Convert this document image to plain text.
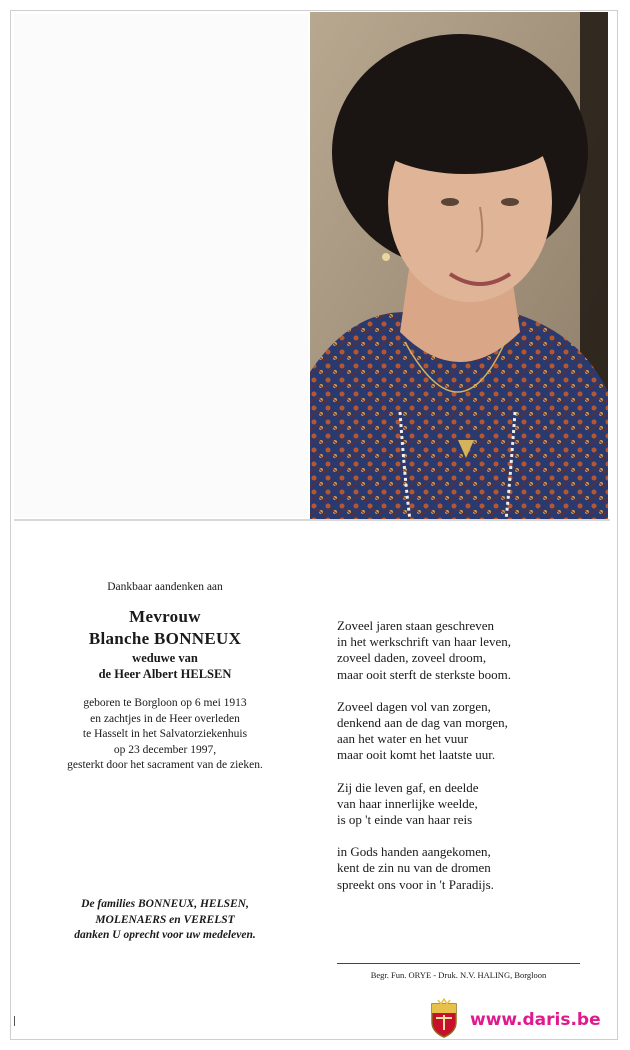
Dankbaar aandenken aan
Mevrouw
Blanche BONNEUX
weduwe van
de Heer Albert HELSEN
geboren te Borgloon op 6 mei 1913
en zachtjes in de Heer overleden
te Hasselt in het Salvatorziekenhuis
op 23 december 1997,
gesterkt door het sacrament van de zieken.
De families BONNEUX, HELSEN,
MOLENAERS en VERELST
danken U oprecht voor uw medeleven.
Zoveel jaren staan geschreven
in het werkschrift van haar leven,
zoveel daden, zoveel droom,
maar ooit sterft de sterkste boom.
Zoveel dagen vol van zorgen,
denkend aan de dag van morgen,
aan het water en het vuur
maar ooit komt het laatste uur.
Zij die leven gaf, en deelde
van haar innerlijke weelde,
is op 't einde van haar reis
in Gods handen aangekomen,
kent de zin nu van de dromen
spreekt ons voor in 't Paradijs.
Begr. Fun. ORYE - Druk. N.V. HALING, Borgloon
www.daris.be
